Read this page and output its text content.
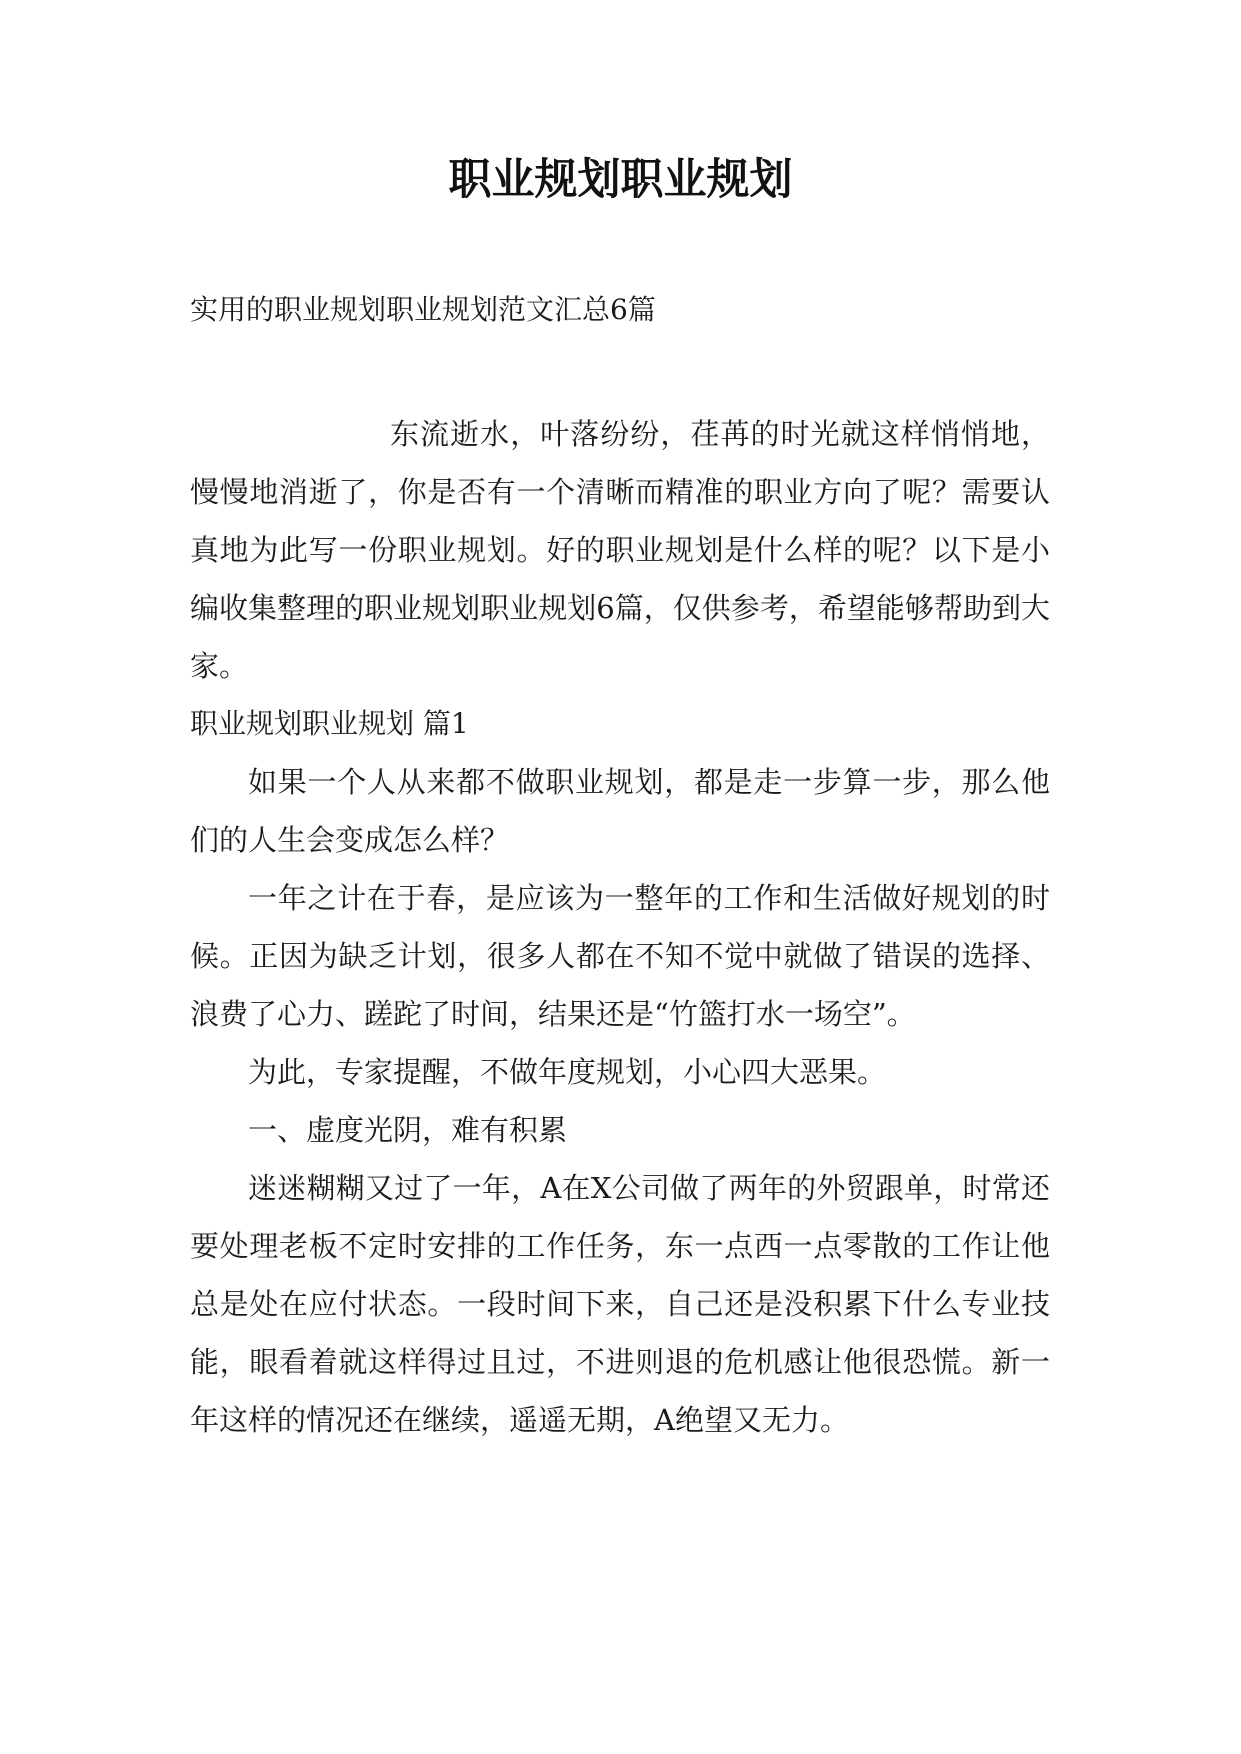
职业规划职业规划

实用的职业规划职业规划范文汇总6篇

东流逝水，叶落纷纷，荏苒的时光就这样悄悄地，慢慢地消逝了，你是否有一个清晰而精准的职业方向了呢？需要认真地为此写一份职业规划。好的职业规划是什么样的呢？以下是小编收集整理的职业规划职业规划6篇，仅供参考，希望能够帮助到大家。

职业规划职业规划 篇1

如果一个人从来都不做职业规划，都是走一步算一步，那么他们的人生会变成怎么样？

一年之计在于春，是应该为一整年的工作和生活做好规划的时候。正因为缺乏计划，很多人都在不知不觉中就做了错误的选择、浪费了心力、蹉跎了时间，结果还是“竹篮打水一场空”。

为此，专家提醒，不做年度规划，小心四大恶果。

一、虚度光阴，难有积累

迷迷糊糊又过了一年，A在X公司做了两年的外贸跟单，时常还要处理老板不定时安排的工作任务，东一点西一点零散的工作让他总是处在应付状态。一段时间下来，自己还是没积累下什么专业技能，眼看着就这样得过且过，不进则退的危机感让他很恐慌。新一年这样的情况还在继续，遥遥无期，A绝望又无力。
